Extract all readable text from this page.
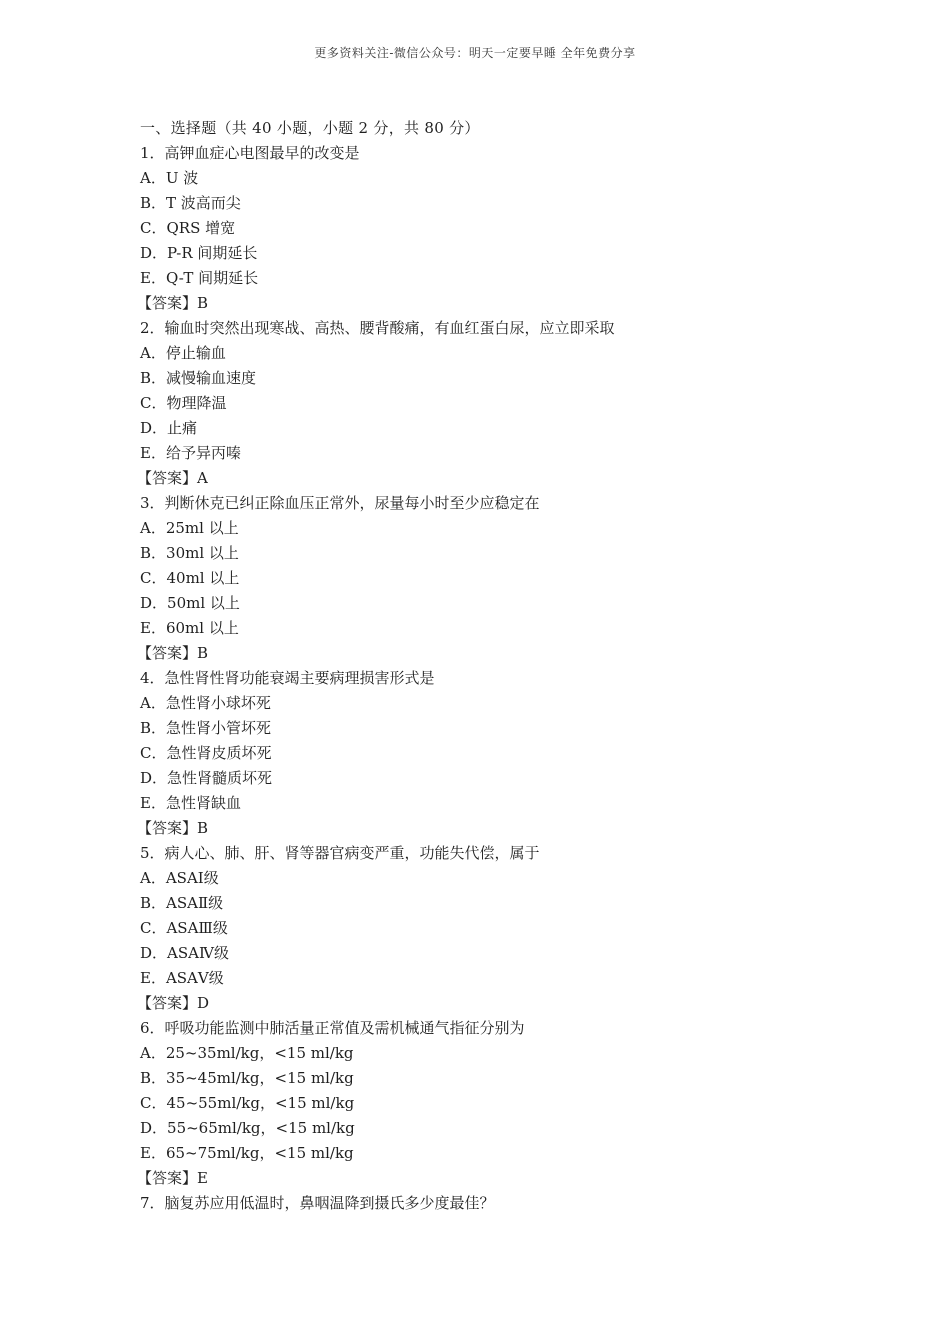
更多资料关注-微信公众号：明天一定要早睡 全年免费分享
一、选择题（共 40 小题，小题 2 分，共 80 分）
1．高钾血症心电图最早的改变是
A．U 波
B．T 波高而尖
C．QRS 增宽
D．P-R 间期延长
E．Q-T 间期延长
【答案】B
2．输血时突然出现寒战、高热、腰背酸痛，有血红蛋白尿，应立即采取
A．停止输血
B．减慢输血速度
C．物理降温
D．止痛
E．给予异丙嗪
【答案】A
3．判断休克已纠正除血压正常外，尿量每小时至少应稳定在
A．25ml 以上
B．30ml 以上
C．40ml 以上
D．50ml 以上
E．60ml 以上
【答案】B
4．急性肾性肾功能衰竭主要病理损害形式是
A．急性肾小球坏死
B．急性肾小管坏死
C．急性肾皮质坏死
D．急性肾髓质坏死
E．急性肾缺血
【答案】B
5．病人心、肺、肝、肾等器官病变严重，功能失代偿，属于
A．ASAⅠ级
B．ASAⅡ级
C．ASAⅢ级
D．ASAⅣ级
E．ASAⅤ级
【答案】D
6．呼吸功能监测中肺活量正常值及需机械通气指征分别为
A．25~35ml/kg，<15 ml/kg
B．35~45ml/kg，<15 ml/kg
C．45~55ml/kg，<15 ml/kg
D．55~65ml/kg，<15 ml/kg
E．65~75ml/kg，<15 ml/kg
【答案】E
7．脑复苏应用低温时，鼻咽温降到摄氏多少度最佳？
